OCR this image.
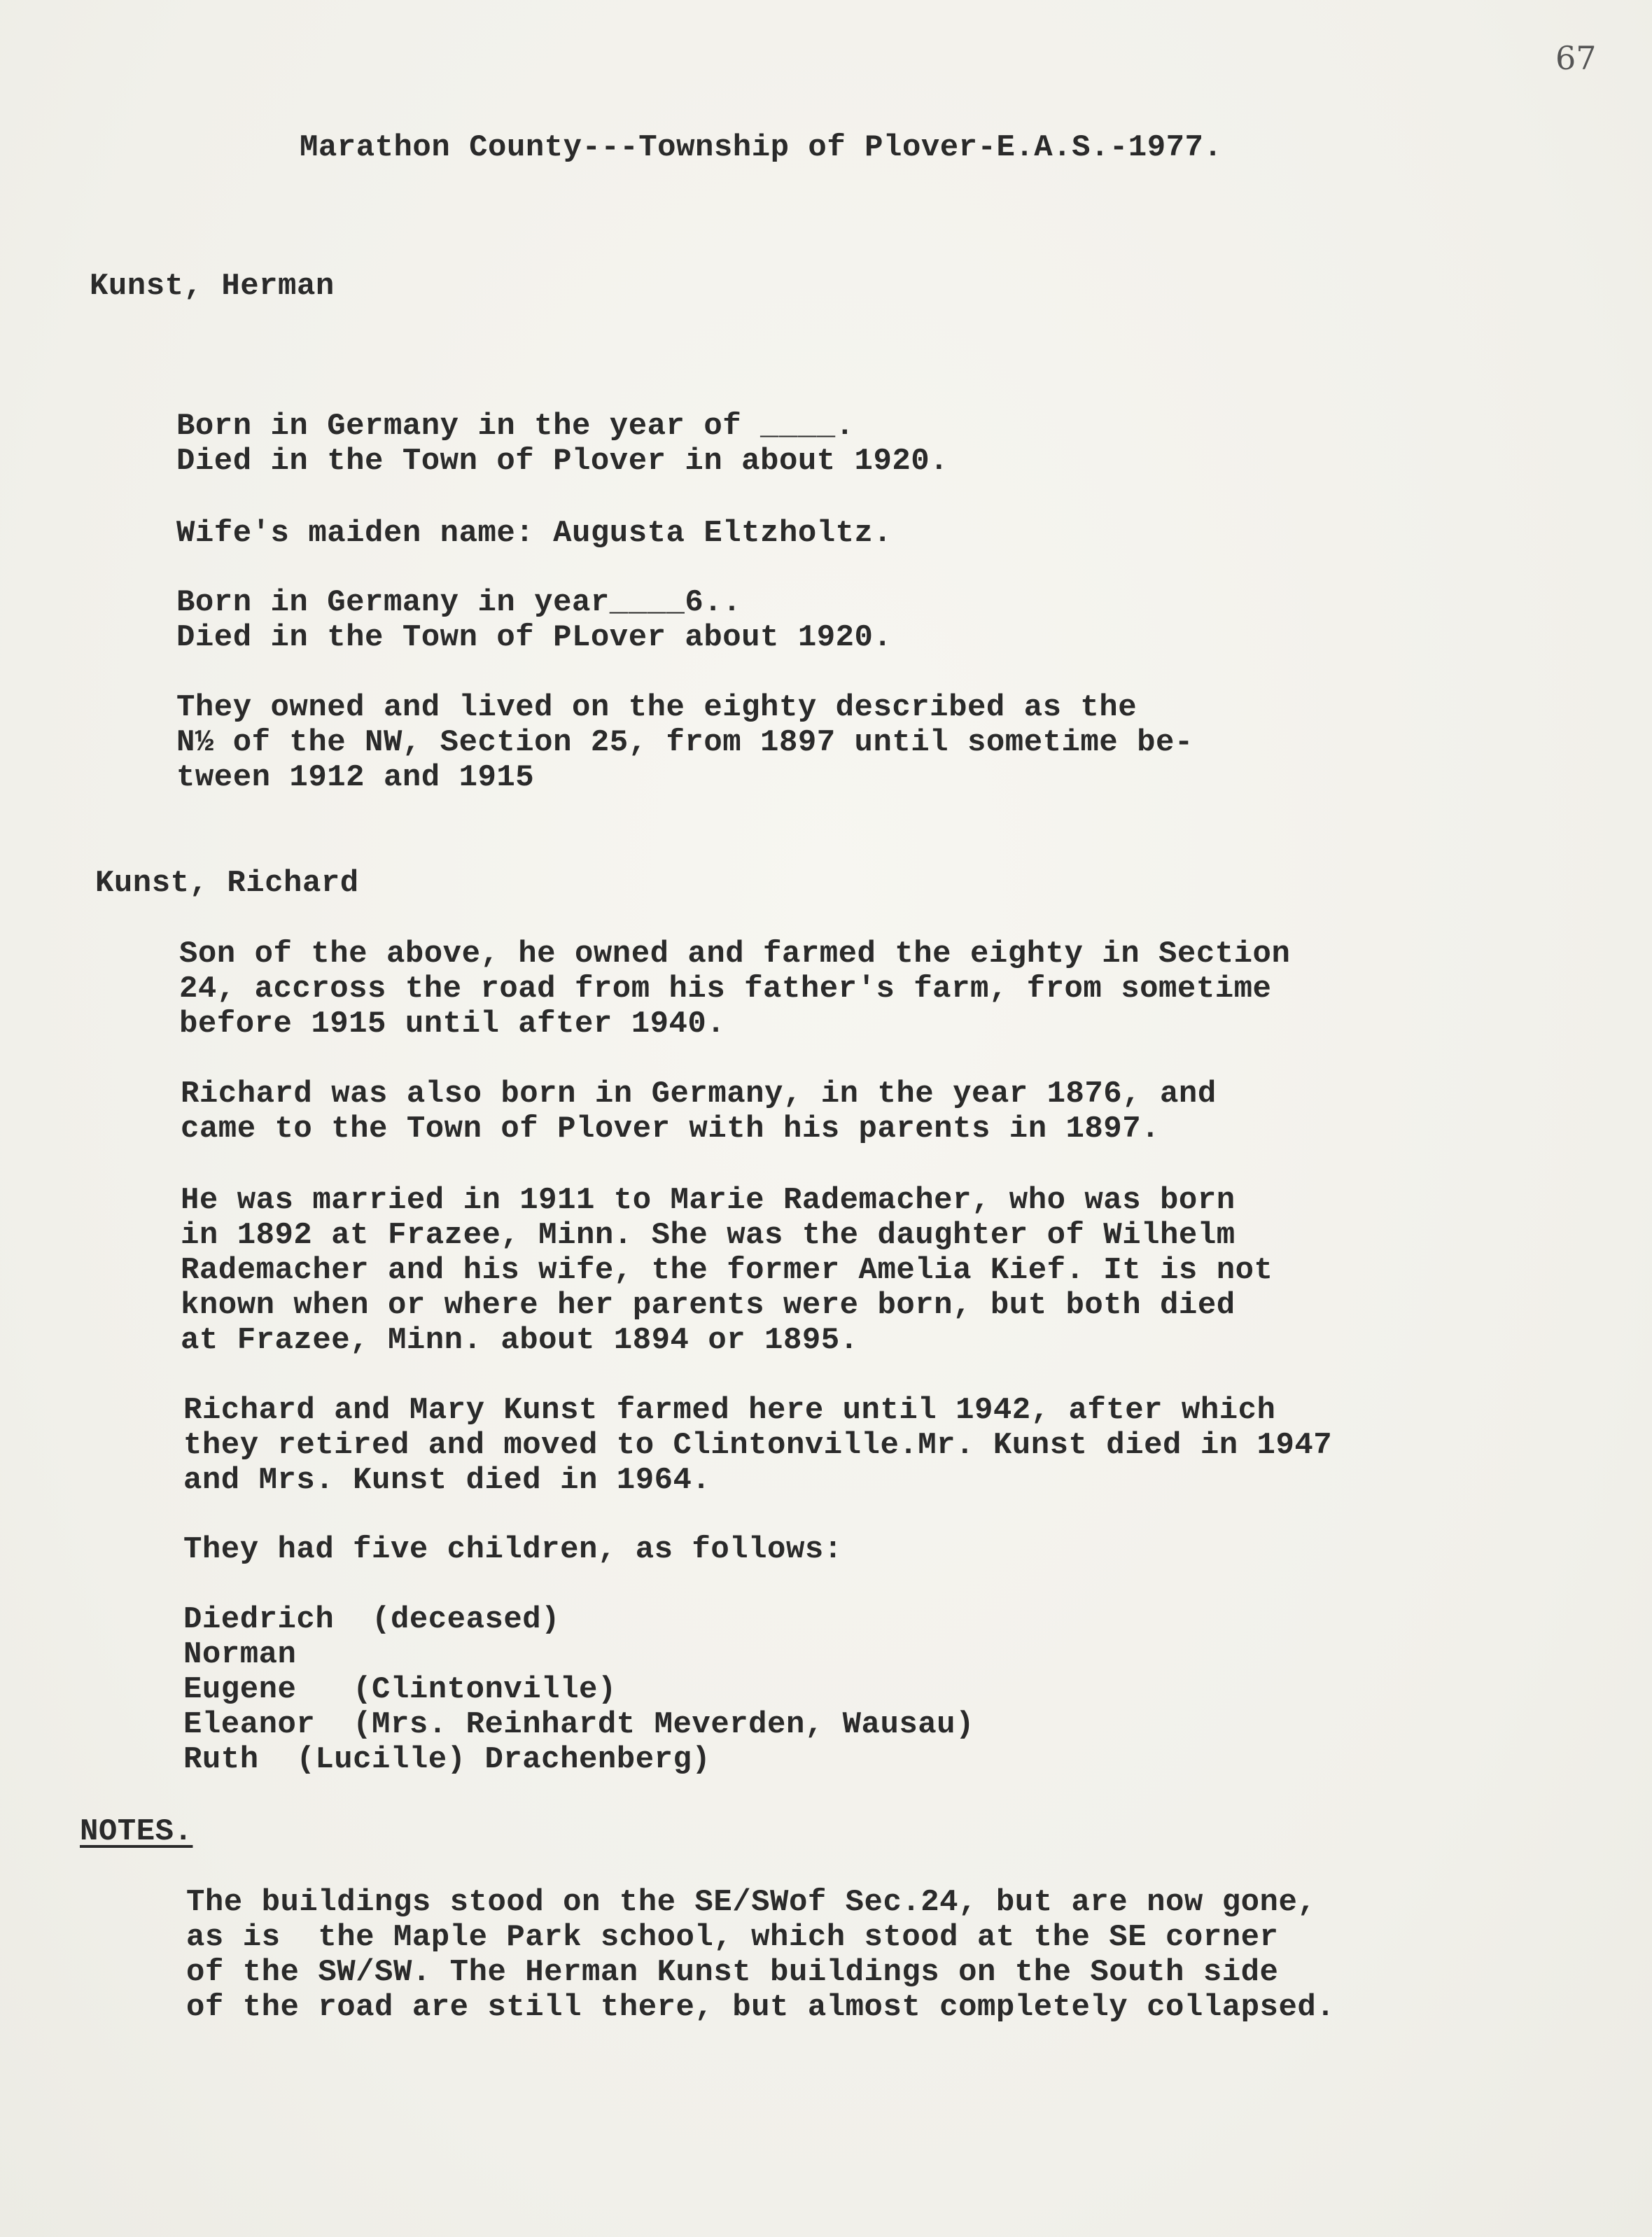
67
Marathon County---Township of Plover-E.A.S.-1977.
Kunst, Herman
Born in Germany in the year of ____.
Died in the Town of Plover in about 1920.
Wife's maiden name: Augusta Eltzholtz.
Born in Germany in year____6..
Died in the Town of PLover about 1920.
They owned and lived on the eighty described as the
N½ of the NW, Section 25, from 1897 until sometime be-
tween 1912 and 1915
Kunst, Richard
Son of the above, he owned and farmed the eighty in Section
24, accross the road from his father's farm, from sometime
before 1915 until after 1940.
Richard was also born in Germany, in the year 1876, and
came to the Town of Plover with his parents in 1897.
He was married in 1911 to Marie Rademacher, who was born
in 1892 at Frazee, Minn. She was the daughter of Wilhelm
Rademacher and his wife, the former Amelia Kief. It is not
known when or where her parents were born, but both died
at Frazee, Minn. about 1894 or 1895.
Richard and Mary Kunst farmed here until 1942, after which
they retired and moved to Clintonville.Mr. Kunst died in 1947
and Mrs. Kunst died in 1964.
They had five children, as follows:
Diedrich  (deceased)
Norman
Eugene   (Clintonville)
Eleanor  (Mrs. Reinhardt Meverden, Wausau)
Ruth  (Lucille) Drachenberg)
NOTES.
The buildings stood on the SE/SWof Sec.24, but are now gone,
as is  the Maple Park school, which stood at the SE corner
of the SW/SW. The Herman Kunst buildings on the South side
of the road are still there, but almost completely collapsed.
